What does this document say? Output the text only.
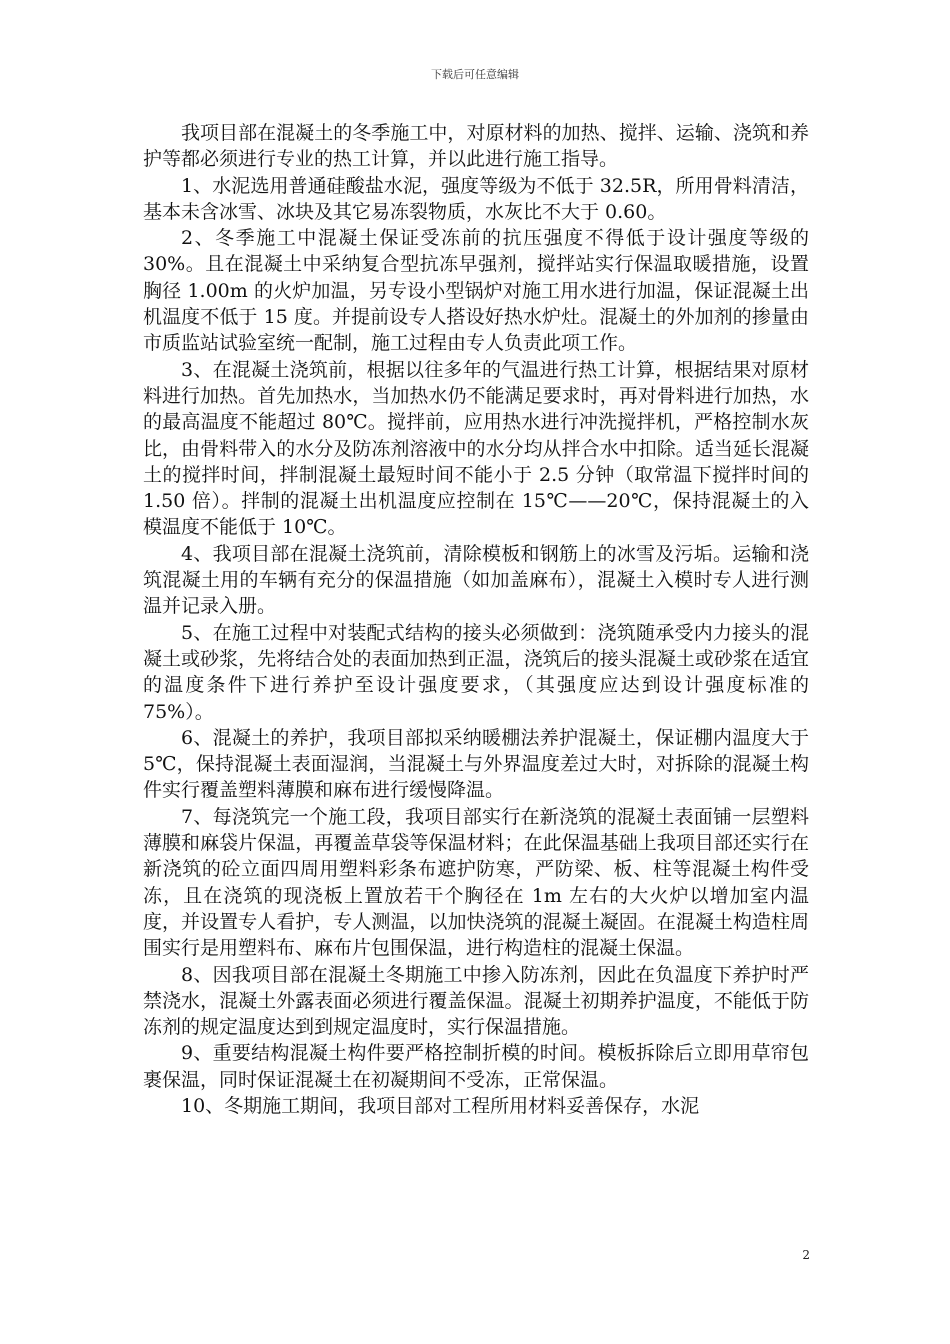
下载后可任意编辑

我项目部在混凝土的冬季施工中，对原材料的加热、搅拌、运输、浇筑和养护等都必须进行专业的热工计算，并以此进行施工指导。

1、水泥选用普通硅酸盐水泥，强度等级为不低于 32.5R，所用骨料清洁，基本未含冰雪、冰块及其它易冻裂物质，水灰比不大于 0.60。

2、冬季施工中混凝土保证受冻前的抗压强度不得低于设计强度等级的 30%。且在混凝土中采纳复合型抗冻早强剂，搅拌站实行保温取暖措施，设置胸径 1.00m 的火炉加温，另专设小型锅炉对施工用水进行加温，保证混凝土出机温度不低于 15 度。并提前设专人搭设好热水炉灶。混凝土的外加剂的掺量由市质监站试验室统一配制，施工过程由专人负责此项工作。

3、在混凝土浇筑前，根据以往多年的气温进行热工计算，根据结果对原材料进行加热。首先加热水，当加热水仍不能满足要求时，再对骨料进行加热，水的最高温度不能超过 80℃。搅拌前，应用热水进行冲洗搅拌机，严格控制水灰比，由骨料带入的水分及防冻剂溶液中的水分均从拌合水中扣除。适当延长混凝土的搅拌时间，拌制混凝土最短时间不能小于 2.5 分钟（取常温下搅拌时间的 1.50 倍）。拌制的混凝土出机温度应控制在 15℃——20℃，保持混凝土的入模温度不能低于 10℃。

4、我项目部在混凝土浇筑前，清除模板和钢筋上的冰雪及污垢。运输和浇筑混凝土用的车辆有充分的保温措施（如加盖麻布），混凝土入模时专人进行测温并记录入册。

5、在施工过程中对装配式结构的接头必须做到：浇筑随承受内力接头的混凝土或砂浆，先将结合处的表面加热到正温，浇筑后的接头混凝土或砂浆在适宜的温度条件下进行养护至设计强度要求，（其强度应达到设计强度标准的 75%）。

6、混凝土的养护，我项目部拟采纳暖棚法养护混凝土，保证棚内温度大于 5℃，保持混凝土表面湿润，当混凝土与外界温度差过大时，对拆除的混凝土构件实行覆盖塑料薄膜和麻布进行缓慢降温。

7、每浇筑完一个施工段，我项目部实行在新浇筑的混凝土表面铺一层塑料薄膜和麻袋片保温，再覆盖草袋等保温材料；在此保温基础上我项目部还实行在新浇筑的砼立面四周用塑料彩条布遮护防寒，严防梁、板、柱等混凝土构件受冻，且在浇筑的现浇板上置放若干个胸径在 1m 左右的大火炉以增加室内温度，并设置专人看护，专人测温，以加快浇筑的混凝土凝固。在混凝土构造柱周围实行是用塑料布、麻布片包围保温，进行构造柱的混凝土保温。

8、因我项目部在混凝土冬期施工中掺入防冻剂，因此在负温度下养护时严禁浇水，混凝土外露表面必须进行覆盖保温。混凝土初期养护温度，不能低于防冻剂的规定温度达到到规定温度时，实行保温措施。

9、重要结构混凝土构件要严格控制折模的时间。模板拆除后立即用草帘包裹保温，同时保证混凝土在初凝期间不受冻，正常保温。

10、冬期施工期间，我项目部对工程所用材料妥善保存，水泥

2
